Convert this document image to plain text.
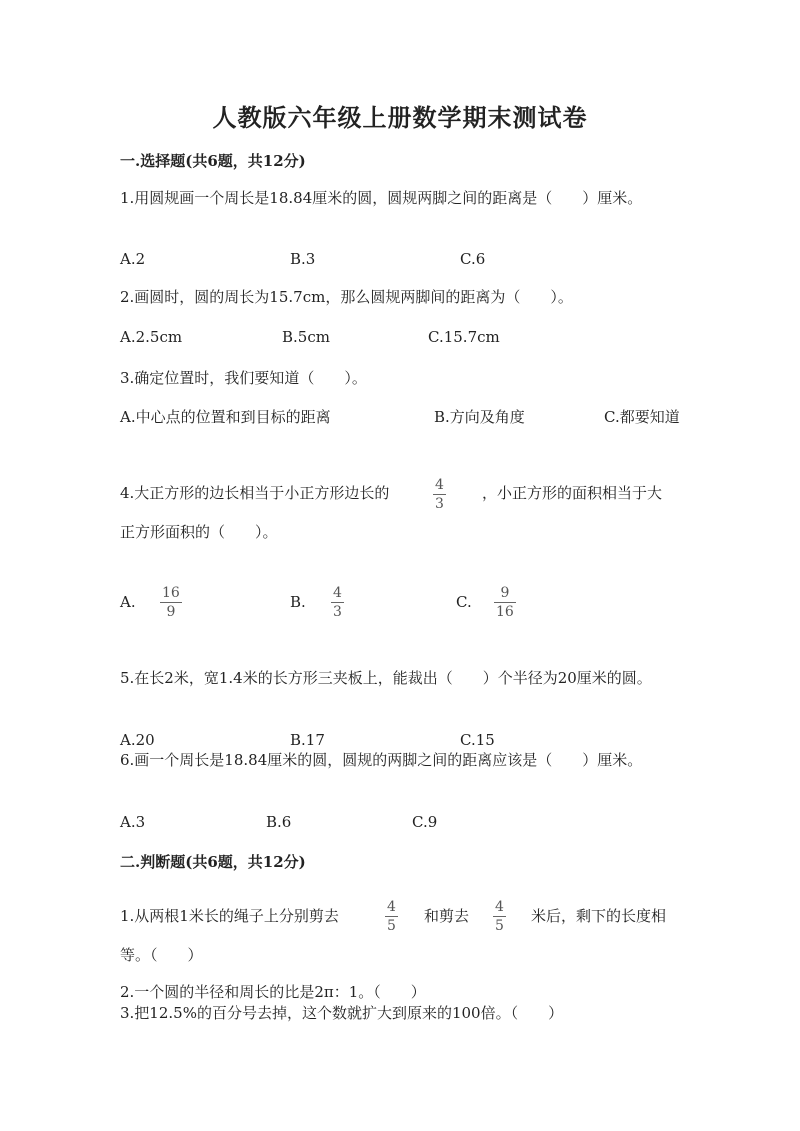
人教版六年级上册数学期末测试卷
一.选择题(共6题，共12分)
1.用圆规画一个周长是18.84厘米的圆，圆规两脚之间的距离是（　　）厘米。
A.2	B.3	C.6
2.画圆时，圆的周长为15.7cm，那么圆规两脚间的距离为（　　）。
A.2.5cm	B.5cm	C.15.7cm
3.确定位置时，我们要知道（　　）。
A.中心点的位置和到目标的距离	B.方向及角度	C.都要知道
4.大正方形的边长相当于小正方形边长的	4
3
，小正方形的面积相当于大
正方形面积的（　　）。
A. 16
9
B. 4
3
C. 9
16
5.在长2米，宽1.4米的长方形三夹板上，能裁出（　　）个半径为20厘米的圆。
A.20	B.17	C.15
6.画一个周长是18.84厘米的圆，圆规的两脚之间的距离应该是（　　）厘米。
A.3	B.6	C.9
二.判断题(共6题，共12分)
1.从两根1米长的绳子上分别剪去	4
5
和剪去 4
5
米后，剩下的长度相
等。（　　）
2.一个圆的半径和周长的比是2π：1。（　　）
3.把12.5%的百分号去掉，这个数就扩大到原来的100倍。（　　）
